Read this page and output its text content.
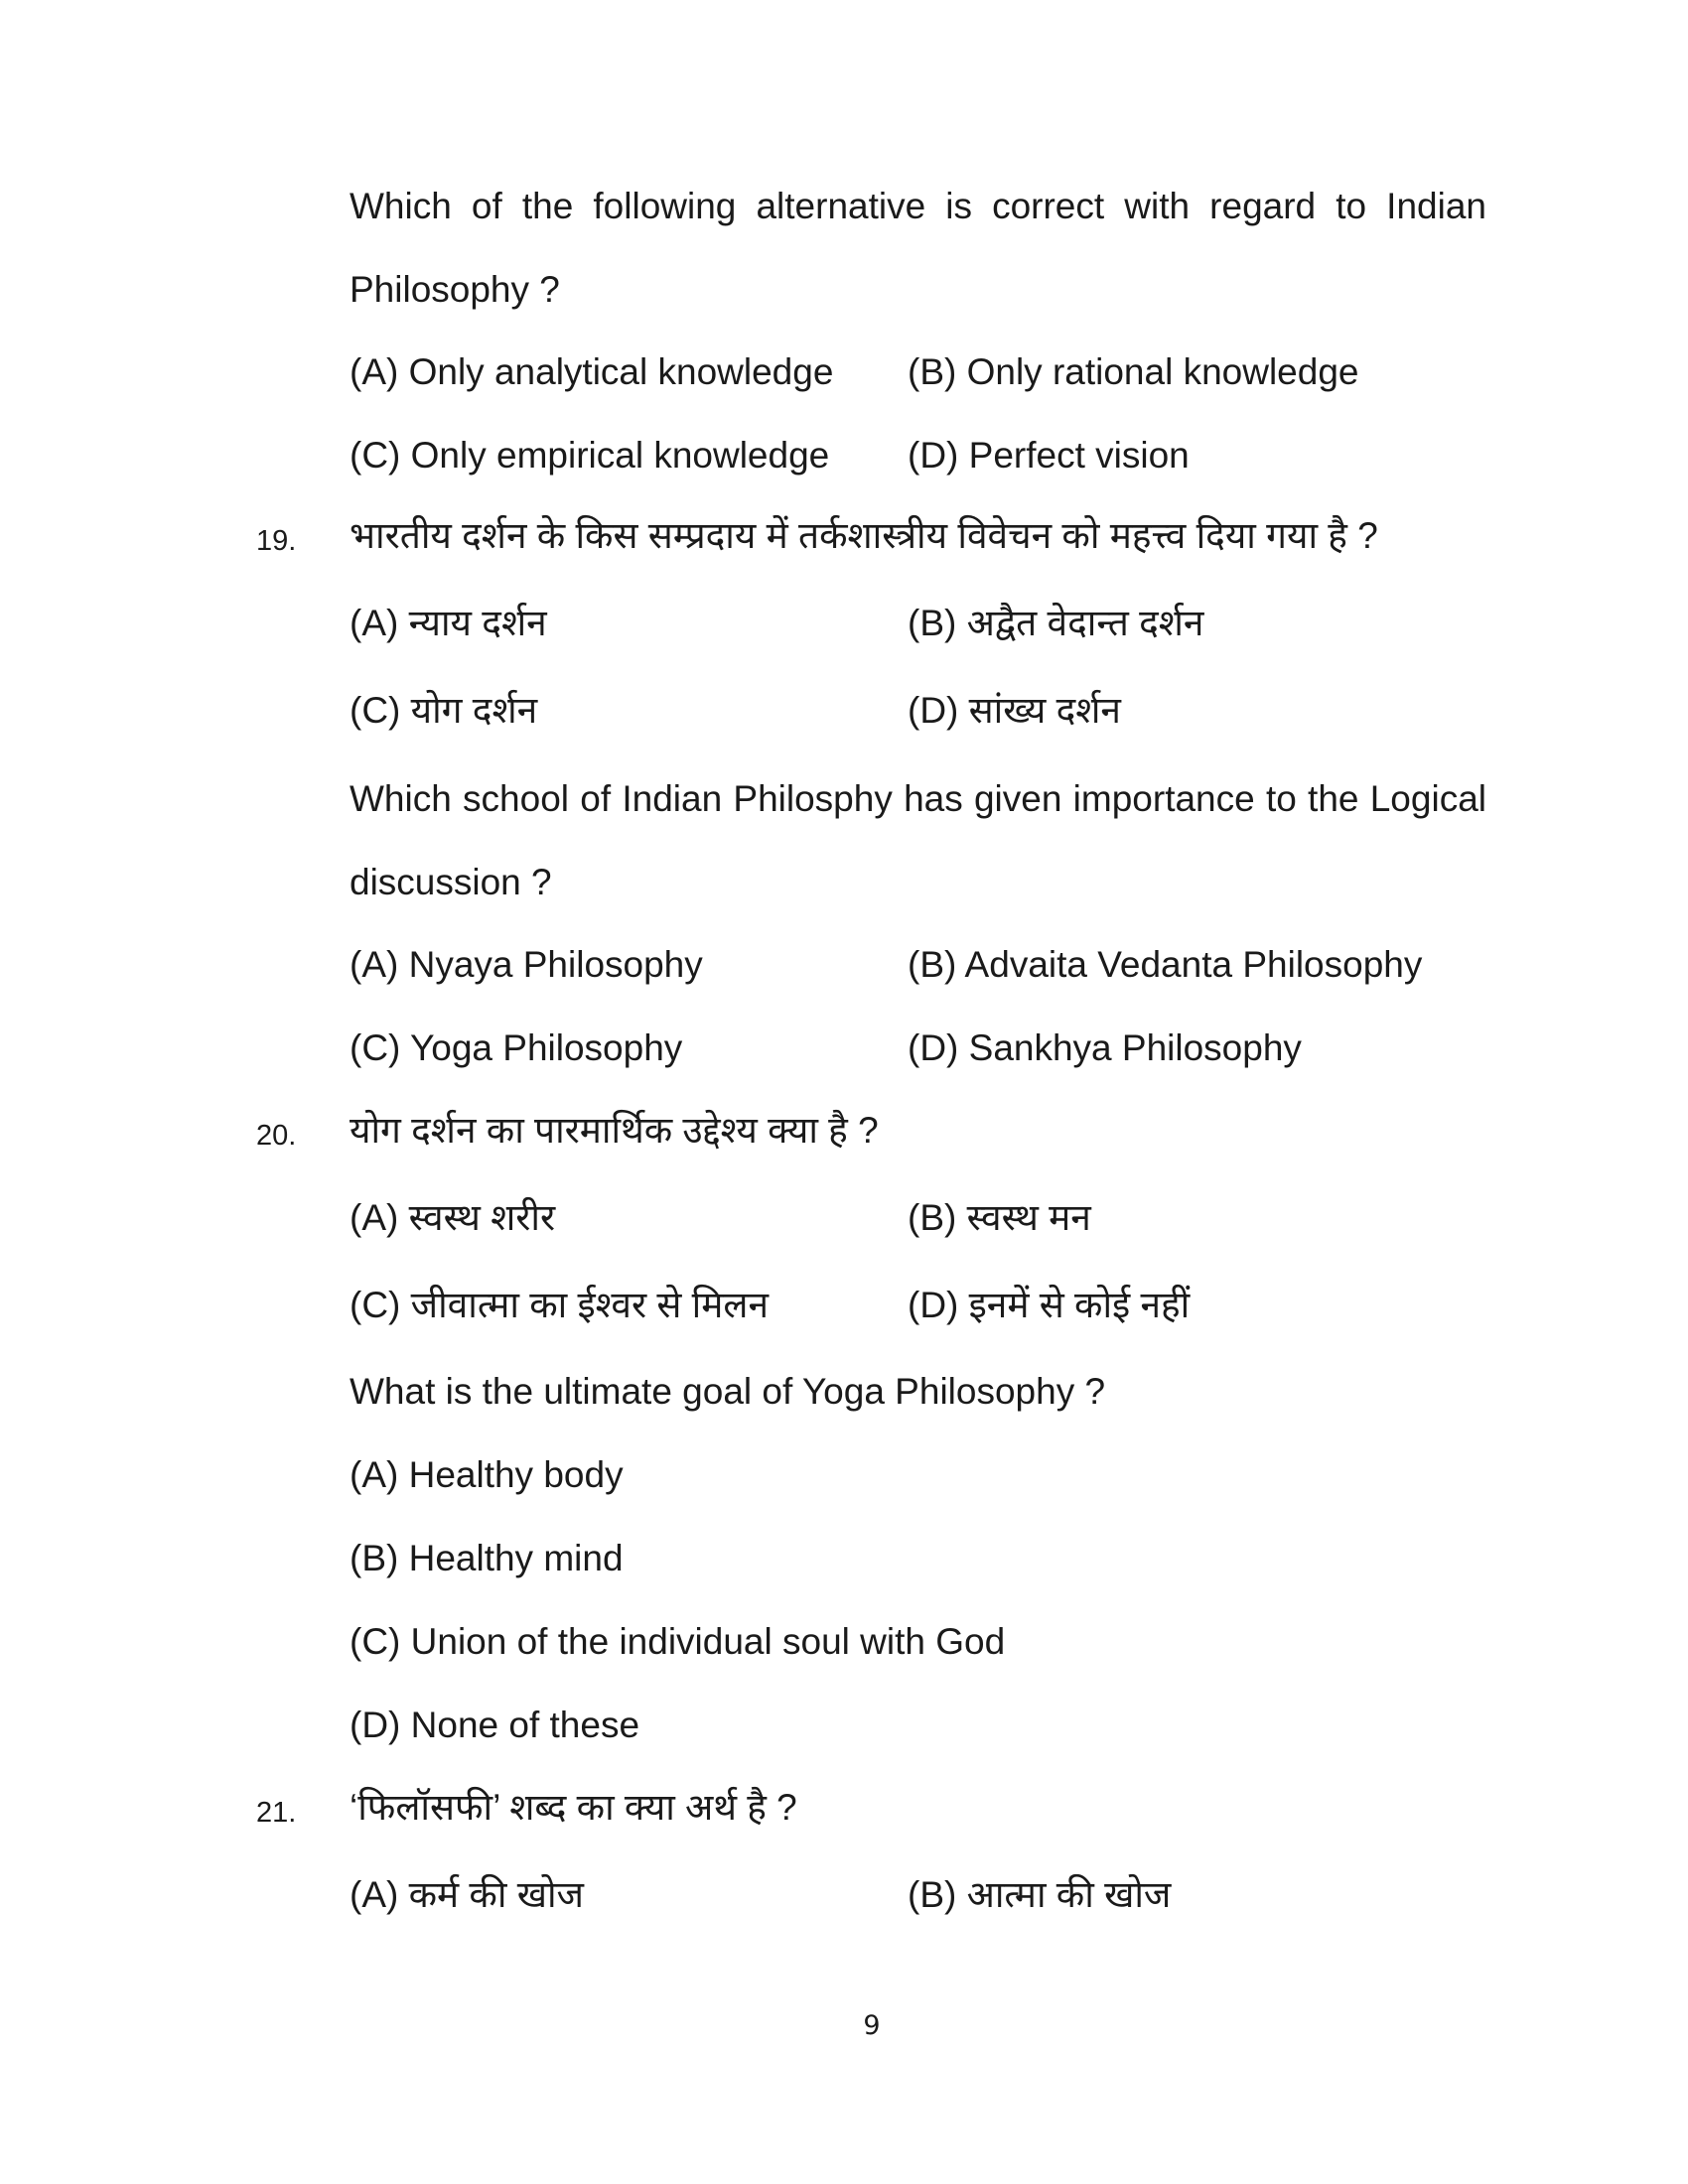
Which of the following alternative is correct with regard to Indian
Philosophy ?
(A) Only analytical knowledge (B) Only rational knowledge
(C) Only empirical knowledge (D) Perfect vision
19. भारतीय दर्शन के किस सम्प्रदाय में तर्कशास्त्रीय विवेचन को महत्त्व दिया गया है ?
(A) न्याय दर्शन	(B) अद्वैत वेदान्त दर्शन
(C) योग दर्शन	(D) सांख्य दर्शन
Which school of Indian Philosphy has given importance to the Logical
discussion ?
(A) Nyaya Philosophy	(B) Advaita Vedanta Philosophy
(C) Yoga Philosophy	(D) Sankhya Philosophy
20. योग दर्शन का पारमार्थिक उद्देश्य क्या है ?
(A) स्वस्थ शरीर	(B) स्वस्थ मन
(C) जीवात्मा का ईश्वर से मिलन	(D) इनमें से कोई नहीं
What is the ultimate goal of Yoga Philosophy ?
(A) Healthy body
(B) Healthy mind
(C) Union of the individual soul with God
(D) None of these
21. ‘फिलॉसफी’ शब्द का क्या अर्थ है ?
(A) कर्म की खोज	(B) आत्मा की खोज
9
